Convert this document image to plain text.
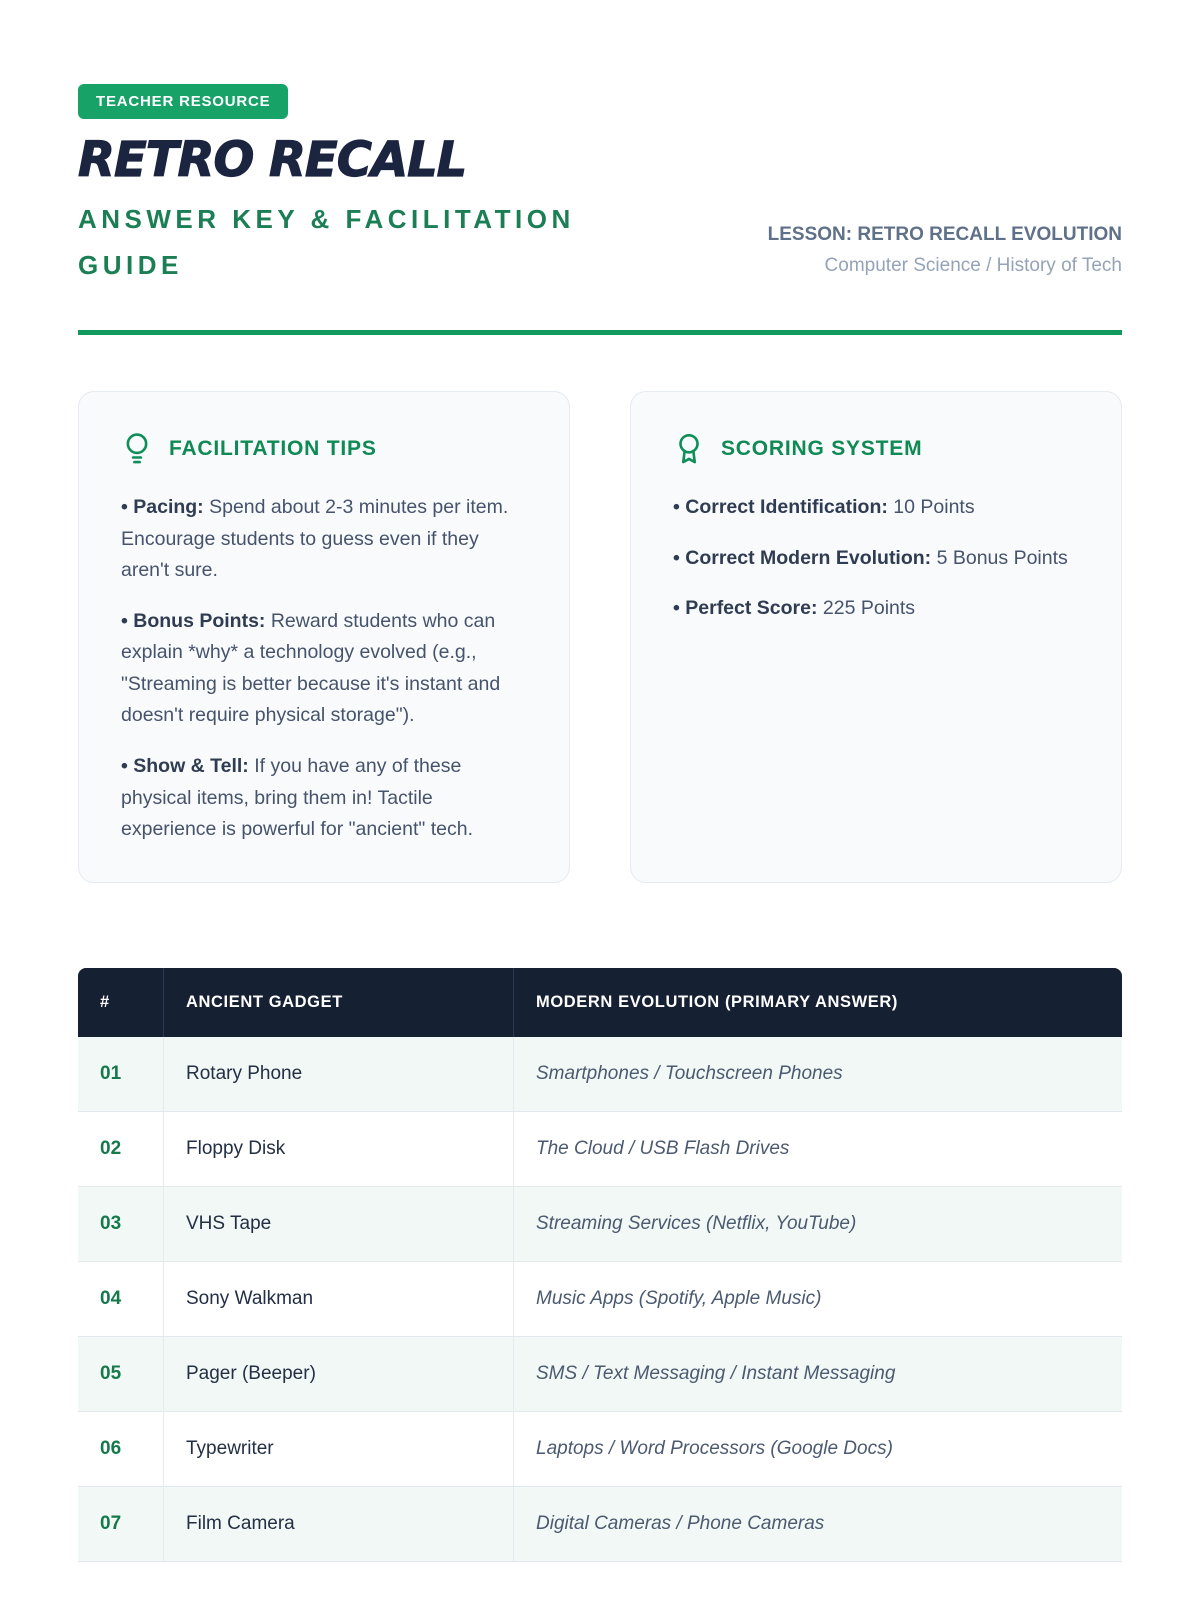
TEACHER RESOURCE
RETRO RECALL
ANSWER KEY & FACILITATION GUIDE
LESSON: RETRO RECALL EVOLUTION
Computer Science / History of Tech
FACILITATION TIPS

• Pacing: Spend about 2-3 minutes per item. Encourage students to guess even if they aren't sure.

• Bonus Points: Reward students who can explain *why* a technology evolved (e.g., "Streaming is better because it's instant and doesn't require physical storage").

• Show & Tell: If you have any of these physical items, bring them in! Tactile experience is powerful for "ancient" tech.

SCORING SYSTEM

• Correct Identification: 10 Points

• Correct Modern Evolution: 5 Bonus Points

• Perfect Score: 225 Points

#	ANCIENT GADGET	MODERN EVOLUTION (PRIMARY ANSWER)
01	Rotary Phone	Smartphones / Touchscreen Phones
02	Floppy Disk	The Cloud / USB Flash Drives
03	VHS Tape	Streaming Services (Netflix, YouTube)
04	Sony Walkman	Music Apps (Spotify, Apple Music)
05	Pager (Beeper)	SMS / Text Messaging / Instant Messaging
06	Typewriter	Laptops / Word Processors (Google Docs)
07	Film Camera	Digital Cameras / Phone Cameras
